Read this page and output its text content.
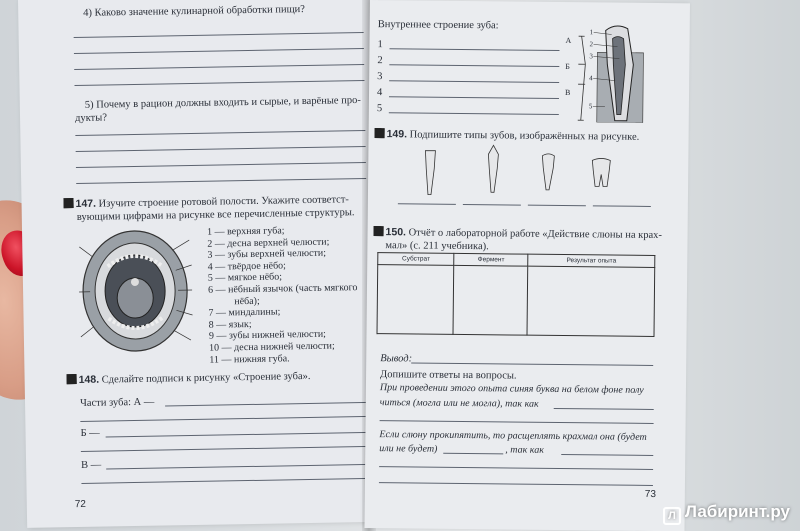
4) Каково значение кулинарной обработки пищи?
5) Почему в рацион должны входить и сырые, и варёные про-
дукты?
147. Изучите строение ротовой полости. Укажите соответст-
вующими цифрами на рисунке все перечисленные структуры.
1 — верхняя губа;
2 — десна верхней челюсти;
3 — зубы верхней челюсти;
4 — твёрдое нёбо;
5 — мягкое нёбо;
6 — нёбный язычок (часть мягкого
нёба);
7 — миндалины;
8 — язык;
9 — зубы нижней челюсти;
10 — десна нижней челюсти;
11 — нижняя губа.
148. Сделайте подписи к рисунку «Строение зуба».
Части зуба: А —
Б —
В —
72
Внутреннее строение зуба:
1
2
3
4
5
А
Б
В
1
2
3
4
5
149. Подпишите типы зубов, изображённых на рисунке.
150. Отчёт о лабораторной работе «Действие слюны на крах-
мал» (с. 211 учебника).
Субстрат	Фермент	Результат опыта

Вывод:
Допишите ответы на вопросы.
При проведении этого опыта синяя буква на белом фоне полу
читься (могла или не могла), так как
Если слюну прокипятить, то расщеплять крахмал она (будет
или не будет)	, так как
73
Л Лабиринт.ру
